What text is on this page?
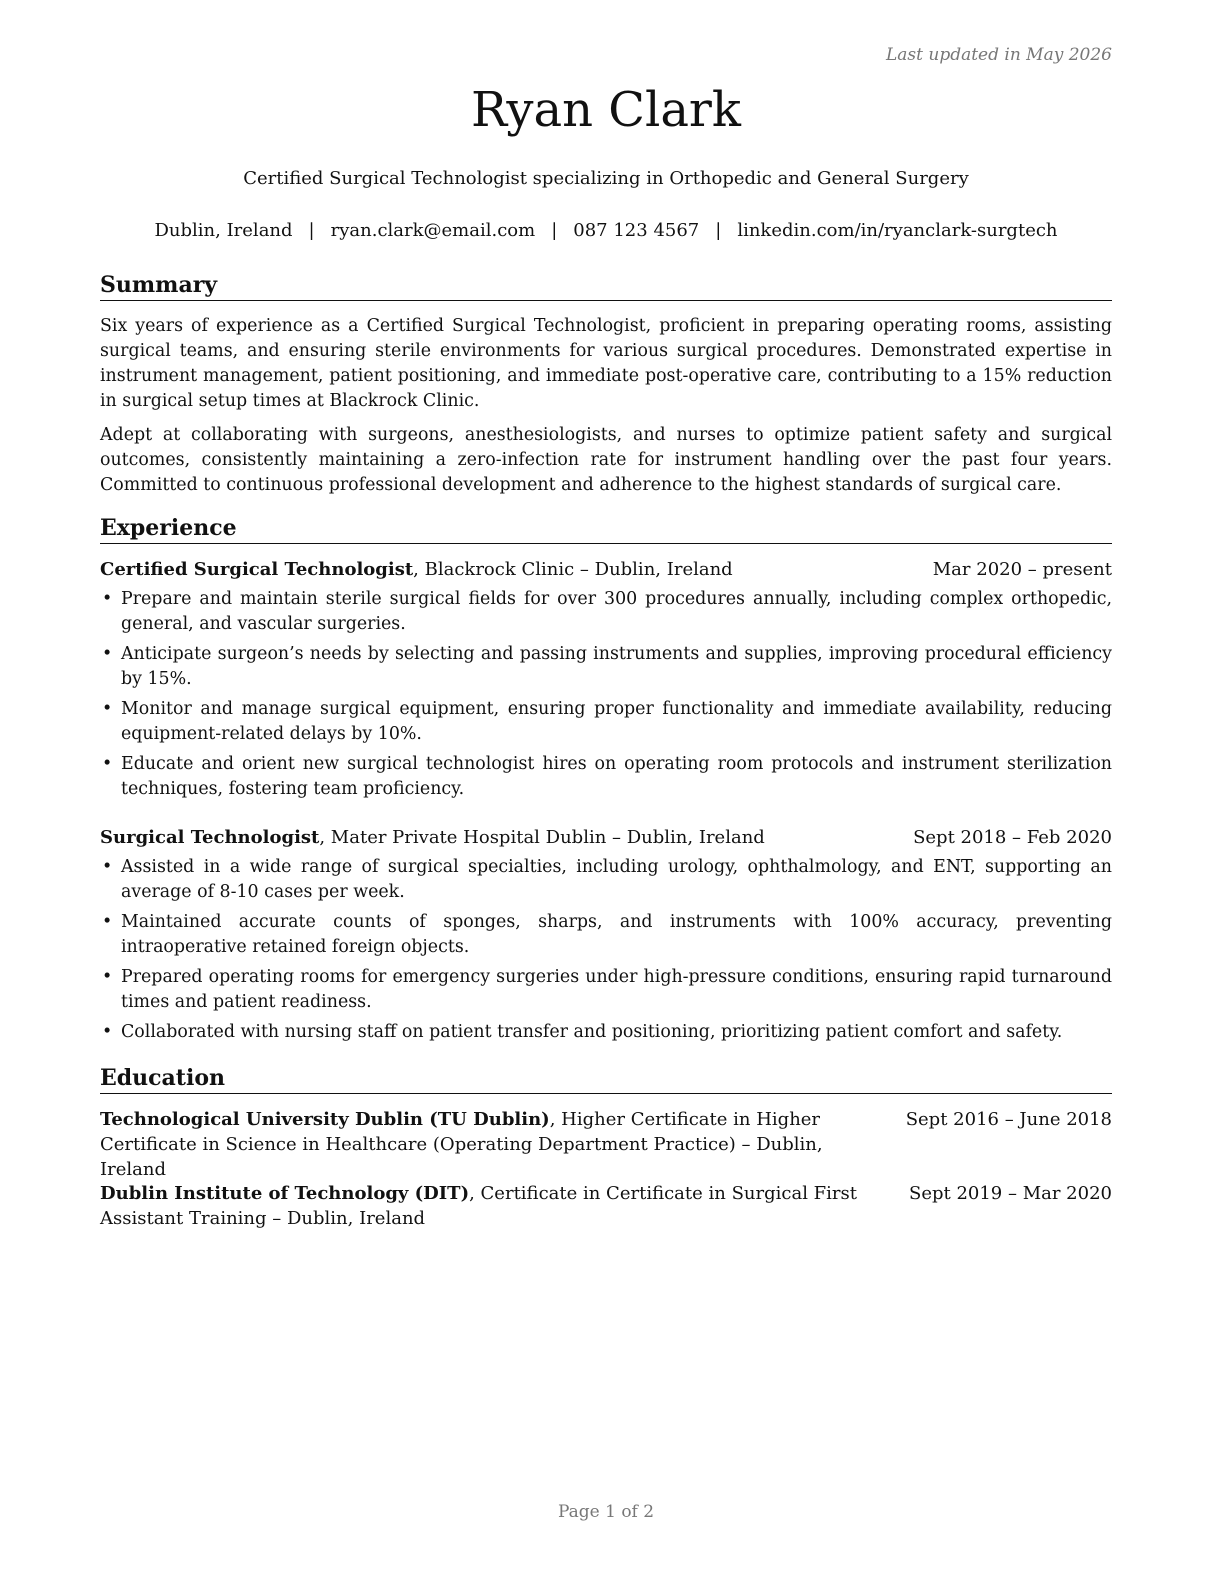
Last updated in May 2026
Ryan Clark
Certified Surgical Technologist specializing in Orthopedic and General Surgery
Dublin, Ireland | ryan.clark@email.com | 087 123 4567 | linkedin.com/in/ryanclark-surgtech
Summary

Six years of experience as a Certified Surgical Technologist, proficient in preparing operating rooms, assisting surgical teams, and ensuring sterile environments for various surgical procedures. Demonstrated expertise in instrument management, patient positioning, and immediate post-operative care, contributing to a 15% reduction in surgical setup times at Blackrock Clinic.

Adept at collaborating with surgeons, anesthesiologists, and nurses to optimize patient safety and surgical outcomes, consistently maintaining a zero-infection rate for instrument handling over the past four years. Committed to continuous professional development and adherence to the highest standards of surgical care.

Experience
Certified Surgical Technologist, Blackrock Clinic – Dublin, Ireland	Mar 2020 – present
• Prepare and maintain sterile surgical fields for over 300 procedures annually, including complex orthopedic, general, and vascular surgeries.
• Anticipate surgeon’s needs by selecting and passing instruments and supplies, improving procedural efficiency by 15%.
• Monitor and manage surgical equipment, ensuring proper functionality and immediate availability, reducing equipment-related delays by 10%.
• Educate and orient new surgical technologist hires on operating room protocols and instrument sterilization techniques, fostering team proficiency.
Surgical Technologist, Mater Private Hospital Dublin – Dublin, Ireland	Sept 2018 – Feb 2020
• Assisted in a wide range of surgical specialties, including urology, ophthalmology, and ENT, supporting an average of 8-10 cases per week.
• Maintained accurate counts of sponges, sharps, and instruments with 100% accuracy, preventing intraoperative retained foreign objects.
• Prepared operating rooms for emergency surgeries under high-pressure conditions, ensuring rapid turnaround times and patient readiness.
• Collaborated with nursing staff on patient transfer and positioning, prioritizing patient comfort and safety.
Education
Technological University Dublin (TU Dublin), Higher Certificate in Higher Certificate in Science in Healthcare (Operating Department Practice) – Dublin, Ireland
Sept 2016 – June 2018
Dublin Institute of Technology (DIT), Certificate in Certificate in Surgical First Assistant Training – Dublin, Ireland
Sept 2019 – Mar 2020
Page 1 of 2
